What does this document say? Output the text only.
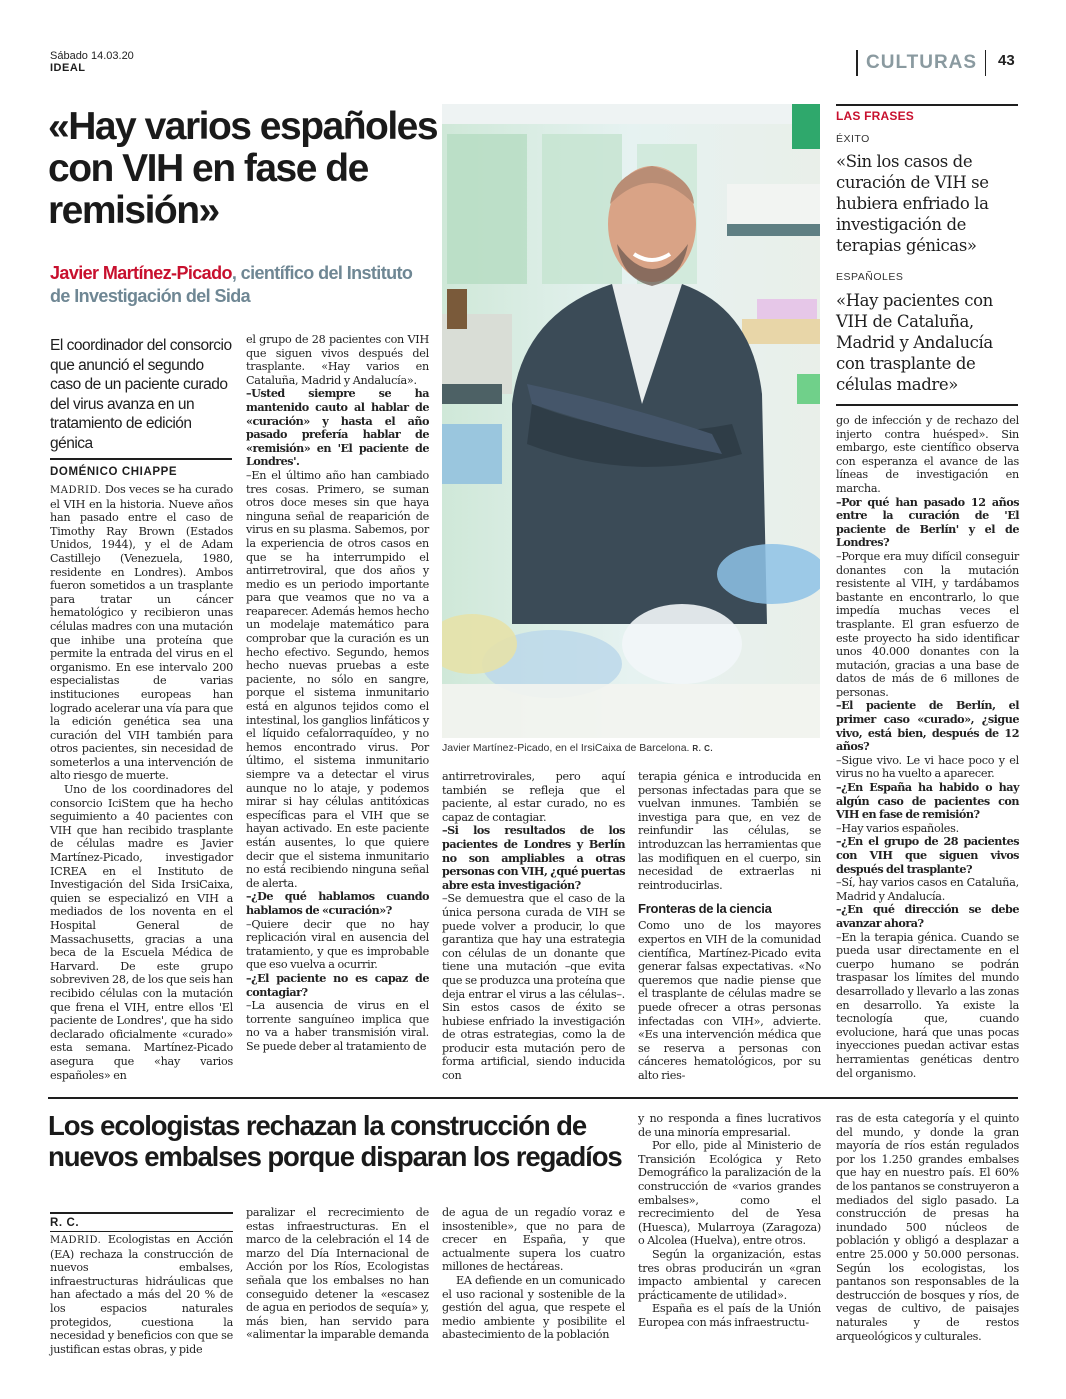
Sábado 14.03.20
IDEAL	CULTURAS	43
«Hay varios españoles con VIH en fase de remisión»
Javier Martínez-Picado, científico del Instituto de Investigación del Sida
El coordinador del consorcio que anunció el segundo caso de un paciente curado del virus avanza en un tratamiento de edición génica
DOMÉNICO CHIAPPE

MADRID. Dos veces se ha curado el VIH en la historia. Nueve años han pasado entre el caso de Timothy Ray Brown (Estados Unidos, 1944), y el de Adam Castillejo (Venezuela, 1980, residente en Londres). Ambos fueron sometidos a un trasplante para tratar un cáncer hematológico y recibieron unas células madres con una mutación que inhibe una proteína que permite la entrada del virus en el organismo. En ese intervalo 200 especialistas de varias instituciones europeas han logrado acelerar una vía para que la edición genética sea una curación del VIH también para otros pacientes, sin necesidad de someterlos a una intervención de alto riesgo de muerte.

Uno de los coordinadores del consorcio IciStem que ha hecho seguimiento a 40 pacientes con VIH que han recibido trasplante de células madre es Javier Martínez-Picado, investigador ICREA en el Instituto de Investigación del Sida IrsiCaixa, quien se especializó en VIH a mediados de los noventa en el Hospital General de Massachusetts, gracias a una beca de la Escuela Médica de Harvard. De este grupo sobreviven 28, de los que seis han recibido células con la mutación que frena el VIH, entre ellos 'El paciente de Londres', que ha sido declarado oficialmente «curado» esta semana. Martínez-Picado asegura que «hay varios españoles» en

el grupo de 28 pacientes con VIH que siguen vivos después del trasplante. «Hay varios en Cataluña, Madrid y Andalucía».

–Usted siempre se ha mantenido cauto al hablar de «curación» y hasta el año pasado prefería hablar de «remisión» en 'El paciente de Londres'.

–En el último año han cambiado tres cosas. Primero, se suman otros doce meses sin que haya ninguna señal de reaparición de virus en su plasma. Sabemos, por la experiencia de otros casos en que se ha interrumpido el antirretroviral, que dos años y medio es un periodo importante para que veamos que no va a reaparecer. Además hemos hecho un modelaje matemático para comprobar que la curación es un hecho efectivo. Segundo, hemos hecho nuevas pruebas a este paciente, no sólo en sangre, porque el sistema inmunitario está en algunos tejidos como el intestinal, los ganglios linfáticos y el líquido cefalorraquídeo, y no hemos encontrado virus. Por último, el sistema inmunitario siempre va a detectar el virus aunque no lo ataje, y podemos mirar si hay células antitóxicas específicas para el VIH que se hayan activado. En este paciente están ausentes, lo que quiere decir que el sistema inmunitario no está recibiendo ninguna señal de alerta.

–¿De qué hablamos cuando hablamos de «curación»?

–Quiere decir que no hay replicación viral en ausencia del tratamiento, y que es improbable que eso vuelva a ocurrir.

–¿El paciente no es capaz de contagiar?

–La ausencia de virus en el torrente sanguíneo implica que no va a haber transmisión viral. Se puede deber al tratamiento de

Javier Martínez-Picado, en el IrsiCaixa de Barcelona. R. C.

antirretrovirales, pero aquí también se refleja que el paciente, al estar curado, no es capaz de contagiar.

–Si los resultados de los pacientes de Londres y Berlín no son ampliables a otras personas con VIH, ¿qué puertas abre esta investigación?

–Se demuestra que el caso de la única persona curada de VIH se puede volver a producir, lo que garantiza que hay una estrategia con células de un donante que tiene una mutación –que evita que se produzca una proteína que deja entrar el virus a las células–. Sin estos casos de éxito se hubiese enfriado la investigación de otras estrategias, como la de producir esta mutación pero de forma artificial, siendo inducida con

terapia génica e introducida en personas infectadas para que se vuelvan inmunes. También se investiga para que, en vez de reinfundir las células, se introduzcan las herramientas que las modifiquen en el cuerpo, sin necesidad de extraerlas ni reintroducirlas.

Fronteras de la ciencia

Como uno de los mayores expertos en VIH de la comunidad científica, Martínez-Picado evita generar falsas expectativas. «No queremos que nadie piense que el trasplante de células madre se puede ofrecer a otras personas infectadas con VIH», advierte. «Es una intervención médica que se reserva a personas con cánceres hematológicos, por su alto ries-

LAS FRASES
ÉXITO
«Sin los casos de curación de VIH se hubiera enfriado la investigación de terapias génicas»
ESPAÑOLES
«Hay pacientes con VIH de Cataluña, Madrid y Andalucía con trasplante de células madre»

go de infección y de rechazo del injerto contra huésped». Sin embargo, este científico observa con esperanza el avance de las líneas de investigación en marcha.

–Por qué han pasado 12 años entre la curación de 'El paciente de Berlín' y el de Londres?

–Porque era muy difícil conseguir donantes con la mutación resistente al VIH, y tardábamos bastante en encontrarlo, lo que impedía muchas veces el trasplante. El gran esfuerzo de este proyecto ha sido identificar unos 40.000 donantes con la mutación, gracias a una base de datos de más de 6 millones de personas.

–El paciente de Berlín, el primer caso «curado», ¿sigue vivo, está bien, después de 12 años?

–Sigue vivo. Le vi hace poco y el virus no ha vuelto a aparecer.

–¿En España ha habido o hay algún caso de pacientes con VIH en fase de remisión?

–Hay varios españoles.

–¿En el grupo de 28 pacientes con VIH que siguen vivos después del trasplante?

–Sí, hay varios casos en Cataluña, Madrid y Andalucía.

–¿En qué dirección se debe avanzar ahora?

–En la terapia génica. Cuando se pueda usar directamente en el cuerpo humano se podrán traspasar los límites del mundo desarrollado y llevarlo a las zonas en desarrollo. Ya existe la tecnología que, cuando evolucione, hará que unas pocas inyecciones puedan activar estas herramientas genéticas dentro del organismo.

Los ecologistas rechazan la construcción de nuevos embalses porque disparan los regadíos
R. C.

MADRID. Ecologistas en Acción (EA) rechaza la construcción de nuevos embalses, infraestructuras hidráulicas que han afectado a más del 20 % de los espacios naturales protegidos, cuestiona la necesidad y beneficios con que se justifican estas obras, y pide

paralizar el recrecimiento de estas infraestructuras. En el marco de la celebración el 14 de marzo del Día Internacional de Acción por los Ríos, Ecologistas señala que los embalses no han conseguido detener la «escasez de agua en periodos de sequía» y, más bien, han servido para «alimentar la imparable demanda

de agua de un regadío voraz e insostenible», que no para de crecer en España, y que actualmente supera los cuatro millones de hectáreas.

EA defiende en un comunicado el uso racional y sostenible de la gestión del agua, que respete el medio ambiente y posibilite el abastecimiento de la población

y no responda a fines lucrativos de una minoría empresarial.

Por ello, pide al Ministerio de Transición Ecológica y Reto Demográfico la paralización de la construcción de «varios grandes embalses», como el recrecimiento del de Yesa (Huesca), Mularroya (Zaragoza) o Alcolea (Huelva), entre otros.

Según la organización, estas tres obras producirán un «gran impacto ambiental y carecen prácticamente de utilidad».

España es el país de la Unión Europea con más infraestructu-

ras de esta categoría y el quinto del mundo, y donde la gran mayoría de ríos están regulados por los 1.250 grandes embalses que hay en nuestro país. El 60% de los pantanos se construyeron a mediados del siglo pasado. La construcción de presas ha inundado 500 núcleos de población y obligó a desplazar a entre 25.000 y 50.000 personas. Según los ecologistas, los pantanos son responsables de la destrucción de bosques y ríos, de vegas de cultivo, de paisajes naturales y de restos arqueológicos y culturales.
